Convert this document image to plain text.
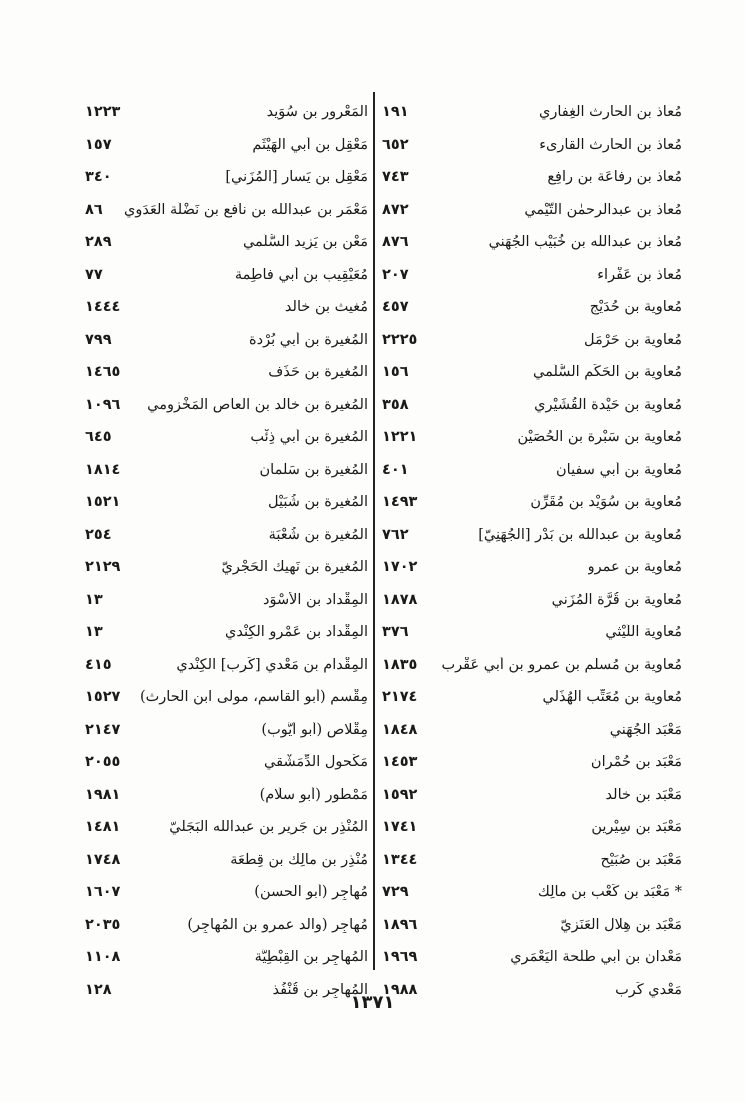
مُعاذ بن الحارث الغِفاري
١٩١
مُعاذ بن الحارث القارىء
٦٥٢
مُعاذ بن رِفاعَة بن رافِع
٧٤٣
مُعاذ بن عبدالرحمٰن التَّيْمي
٨٧٢
مُعاذ بن عبدالله بن خُبَيْب الجُهَني
٨٧٦
مُعاذ بن عَفْراء
٢٠٧
مُعاوية بن حُدَيْج
٤٥٧
مُعاوية بن حَرْمَل
٢٢٢٥
مُعاوية بن الحَكَم السُّلَمي
١٥٦
مُعاوية بن حَيْدة القُشَيْري
٣٥٨
مُعاوية بن سَبْرة بن الحُصَيْن
١٢٢١
مُعاوية بن أبي سفيان
٤٠١
مُعاوية بن سُوَيْد بن مُقَرِّن
١٤٩٣
مُعاوية بن عبدالله بن بَدْر [الجُهَنِيّ]
٧٦٢
مُعاوية بن عمرو
١٧٠٢
مُعاوية بن قُرَّة المُزَني
١٨٧٨
مُعاوية اللَّيْثي
٣٧٦
مُعاوية بن مُسلم بن عمرو بن أبي عَقْرب
١٨٣٥
مُعاوية بن مُعَتِّب الهُذَلي
٢١٧٤
مَعْبَد الجُهَني
١٨٤٨
مَعْبَد بن حُمْران
١٤٥٣
مَعْبَد بن خالد
١٥٩٢
مَعْبَد بن سِيْرين
١٧٤١
مَعْبَد بن صُبَيْح
١٣٤٤
* مَعْبَد بن كَعْب بن مالِك
٧٢٩
مَعْبَد بن هِلال العَنَزِيّ
١٨٩٦
مَعْدان بن أبي طَلْحة اليَعْمَري
١٩٦٩
مَعْدي كَرِب
١٩٨٨
المَعْرور بن سُوَيد
١٢٢٣
مَعْقِل بن أبي الهَيْثَم
١٥٧
مَعْقِل بن يَسار [المُزَني]
٣٤٠
مَعْمَر بن عبدالله بن نافع بن نَضْلَة العَدَوي
٨٦
مَعْن بن يَزِيد السُّلَمي
٢٨٩
مُعَيْقِيب بن أبي فاطِمة
٧٧
مُغيث بن خالد
١٤٤٤
المُغيرة بن أبي بُرْدة
٧٩٩
المُغيرة بن حَذَف
١٤٦٥
المُغيرة بن خالد بن العاص المَخْزومي
١٠٩٦
المُغيرة بن أبي ذِئْب
٦٤٥
المُغيرة بن سَلْمان
١٨١٤
المُغيرة بن شُبَيْل
١٥٢١
المُغيرة بن شُعْبَة
٢٥٤
المُغيرة بن نَهِيك الحَجْرِيّ
٢١٢٩
المِقْداد بن الأسْوَد
١٣
المِقْداد بن عَمْرو الكِنْدي
١٣
المِقْدام بن مَعْدي [كَرِب] الكِنْدي
٤١٥
مِقْسم (أبو القاسم، مولى ابن الحارث)
١٥٢٧
مِقْلاص (أبو أيُّوب)
٢١٤٧
مَكْحول الدِّمَشْقي
٢٠٥٥
مَمْطور (أبو سلّام)
١٩٨١
المُنْذِر بن جَرير بن عبدالله البَجَليّ
١٤٨١
مُنْذِر بن مالِك بن قِطْعَة
١٧٤٨
مُهاجِر (أبو الحسن)
١٦٠٧
مُهاجِر (والد عمرو بن المُهاجِر)
٢٠٣٥
المُهاجِر بن القِبْطِيَّة
١١٠٨
المُهاجِر بن قُنْفُذ
١٢٨
١٣٧١
